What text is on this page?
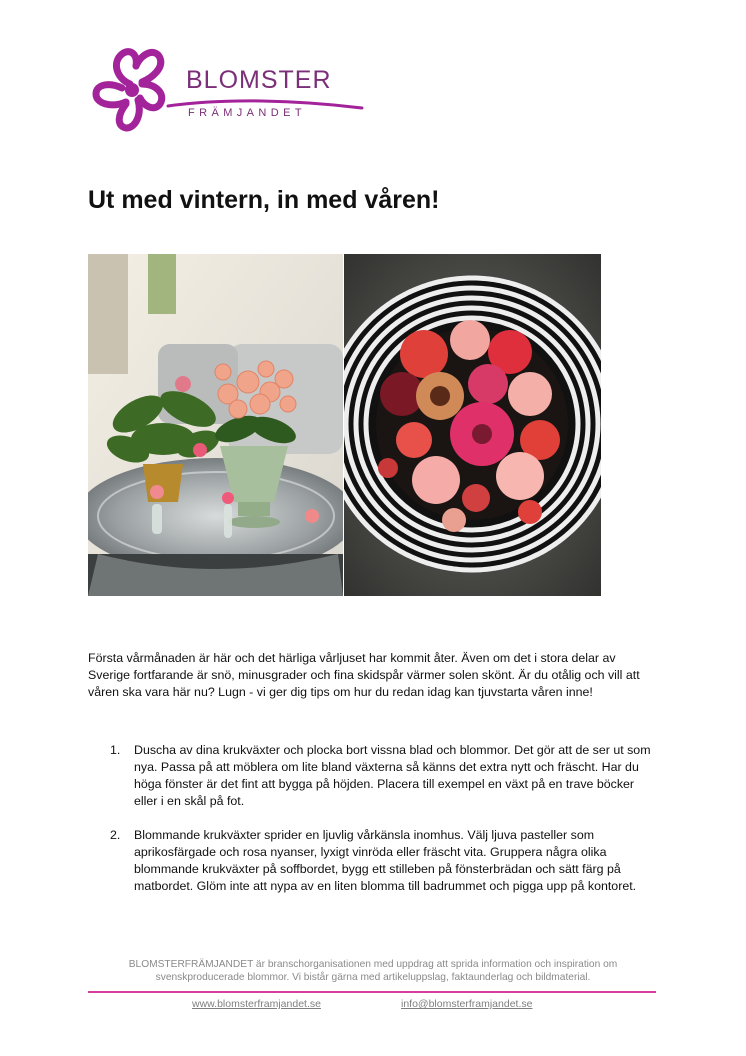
BLOMSTER
FRÄMJANDET
Ut med vintern, in med våren!

Första vårmånaden är här och det härliga vårljuset har kommit åter. Även om det i stora delar av Sverige fortfarande är snö, minusgrader och fina skidspår värmer solen skönt. Är du otålig och vill att våren ska vara här nu? Lugn - vi ger dig tips om hur du redan idag kan tjuvstarta våren inne!

1. Duscha av dina krukväxter och plocka bort vissna blad och blommor. Det gör att de ser ut som nya. Passa på att möblera om lite bland växterna så känns det extra nytt och fräscht. Har du höga fönster är det fint att bygga på höjden. Placera till exempel en växt på en trave böcker eller i en skål på fot.
2. Blommande krukväxter sprider en ljuvlig vårkänsla inomhus. Välj ljuva pasteller som aprikosfärgade och rosa nyanser, lyxigt vinröda eller fräscht vita. Gruppera några olika blommande krukväxter på soffbordet, bygg ett stilleben på fönsterbrädan och sätt färg på matbordet. Glöm inte att nypa av en liten blomma till badrummet och pigga upp på kontoret.
BLOMSTERFRÄMJANDET är branschorganisationen med uppdrag att sprida information och inspiration om svenskproducerade blommor. Vi bistår gärna med artikeluppslag, faktaunderlag och bildmaterial.
www.blomsterframjandet.se	info@blomsterframjandet.se
